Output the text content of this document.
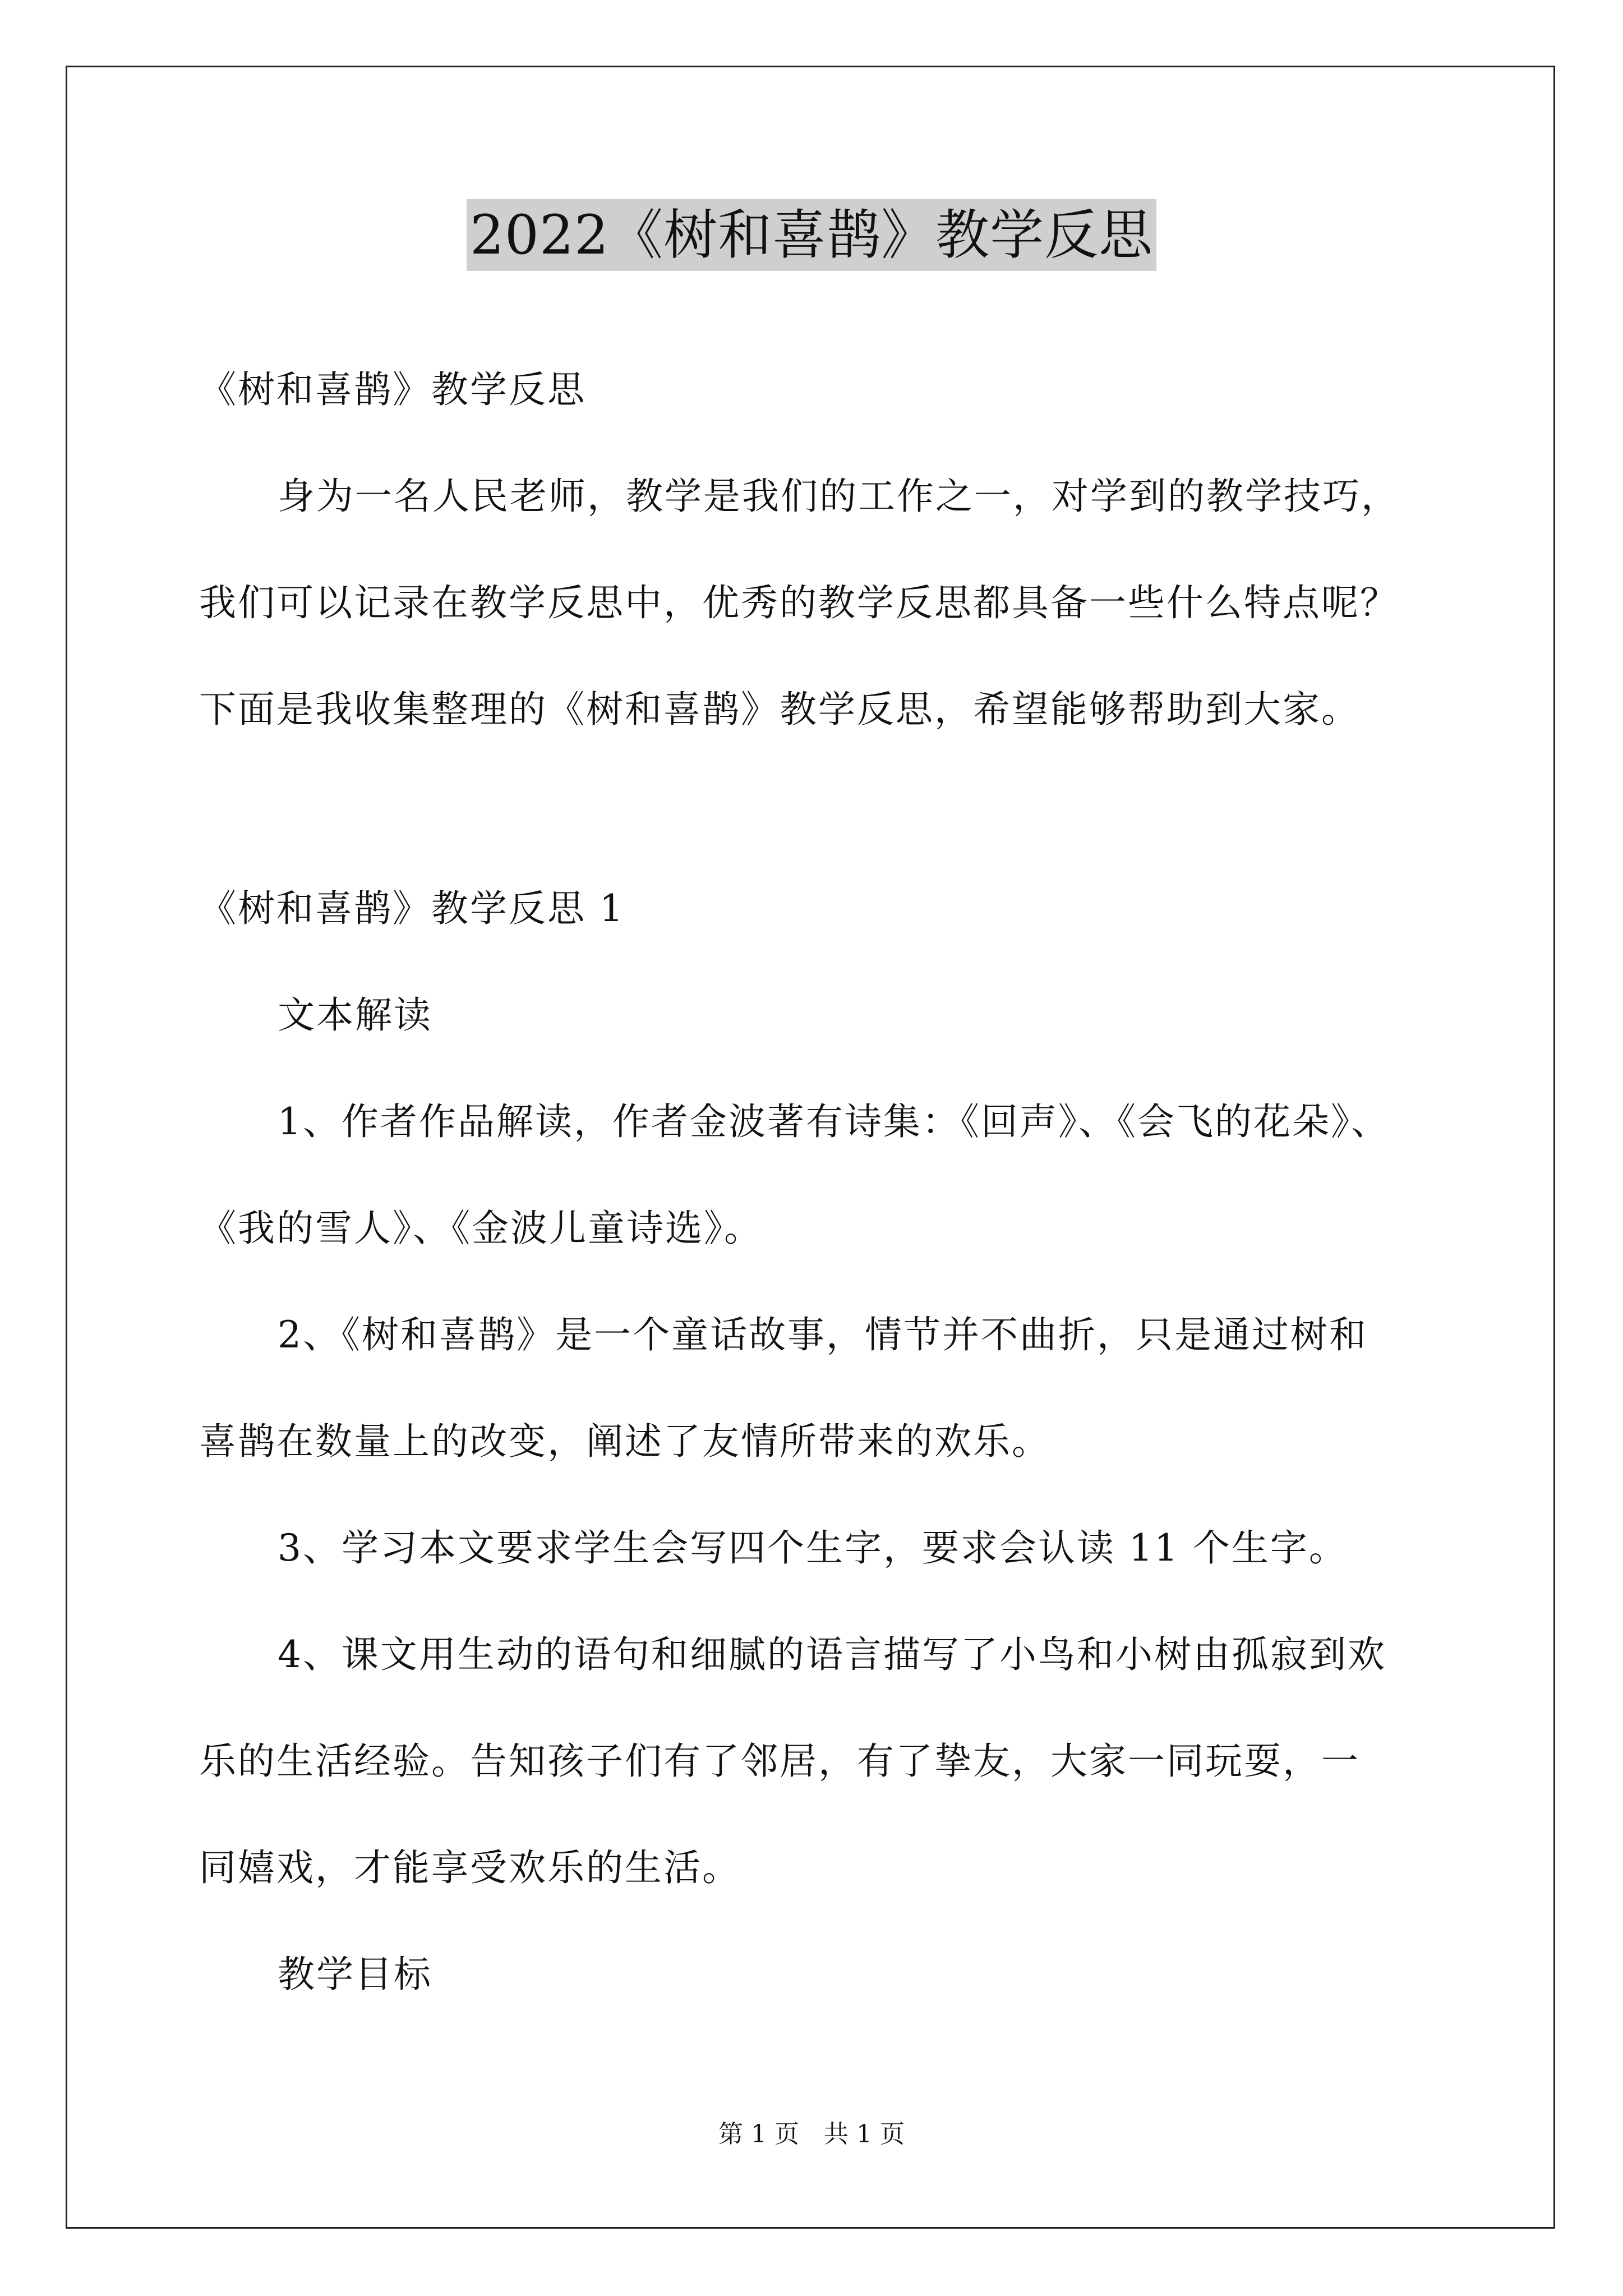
2022《树和喜鹊》教学反思

《树和喜鹊》教学反思

身为一名人民老师，教学是我们的工作之一，对学到的教学技巧，

我们可以记录在教学反思中，优秀的教学反思都具备一些什么特点呢？

下面是我收集整理的《树和喜鹊》教学反思，希望能够帮助到大家。

《树和喜鹊》教学反思 1

文本解读

1、作者作品解读，作者金波著有诗集：《回声》、《会飞的花朵》、

《我的雪人》、《金波儿童诗选》。

2、《树和喜鹊》是一个童话故事，情节并不曲折，只是通过树和

喜鹊在数量上的改变，阐述了友情所带来的欢乐。

3、学习本文要求学生会写四个生字，要求会认读 11 个生字。

4、课文用生动的语句和细腻的语言描写了小鸟和小树由孤寂到欢

乐的生活经验。告知孩子们有了邻居，有了挚友，大家一同玩耍，一

同嬉戏，才能享受欢乐的生活。

教学目标

第 1 页　共 1 页
